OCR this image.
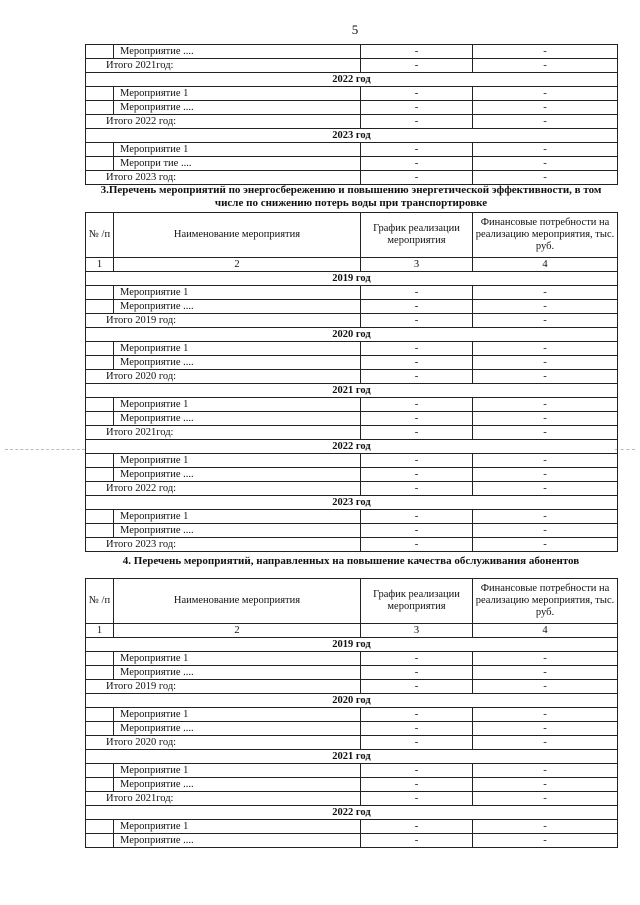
5
	Мероприятие ....	-	-
Итого 2021год:		-	-
2022 год			
	Мероприятие 1	-	-
	Мероприятие ....	-	-
Итого 2022 год:		-	-
2023 год			
	Мероприятие 1	-	-
	Меропри тие ....	-	-
Итого 2023 год:		-	-
3.Перечень мероприятий по энергосбережению и повышению энергетической эффективности, в том числе по снижению потерь воды при транспортировке
№ /п	Наименование мероприятия	График реализации мероприятия	Финансовые потребности на реализацию мероприятия, тыс. руб.
1	2	3	4
2019 год			
	Мероприятие 1	-	-
	Мероприятие ....	-	-
Итого 2019 год:		-	-
2020 год			
	Мероприятие 1	-	-
	Мероприятие ....	-	-
Итого 2020 год:		-	-
2021 год			
	Мероприятие 1	-	-
	Мероприятие ....	-	-
Итого 2021год:		-	-
2022 год			
	Мероприятие 1	-	-
	Мероприятие ....	-	-
Итого 2022 год:		-	-
2023 год			
	Мероприятие 1	-	-
	Мероприятие ....	-	-
Итого 2023 год:		-	-
4. Перечень мероприятий, направленных на повышение качества обслуживания абонентов
№ /п	Наименование мероприятия	График реализации мероприятия	Финансовые потребности на реализацию мероприятия, тыс. руб.
1	2	3	4
2019 год			
	Мероприятие 1	-	-
	Мероприятие ....	-	-
Итого 2019 год:		-	-
2020 год			
	Мероприятие 1	-	-
	Мероприятие ....	-	-
Итого 2020 год:		-	-
2021 год			
	Мероприятие 1	-	-
	Мероприятие ....	-	-
Итого 2021год:		-	-
2022 год			
	Мероприятие 1	-	-
	Мероприятие ....	-	-
